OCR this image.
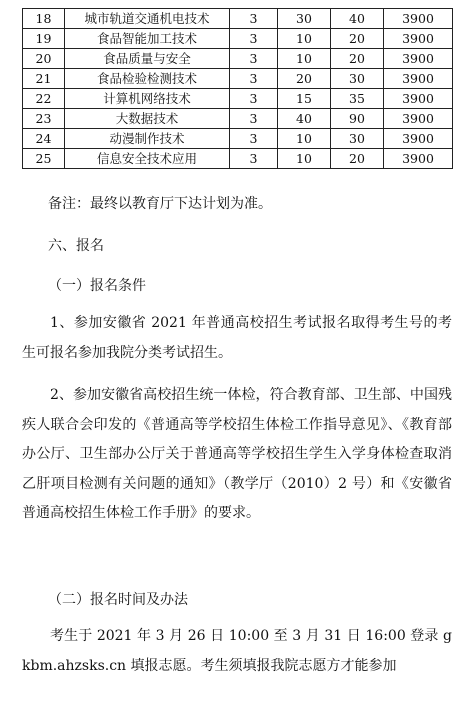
18	城市轨道交通机电技术	3	30	40	3900
19	食品智能加工技术	3	10	20	3900
20	食品质量与安全	3	10	20	3900
21	食品检验检测技术	3	20	30	3900
22	计算机网络技术	3	15	35	3900
23	大数据技术	3	40	90	3900
24	动漫制作技术	3	10	30	3900
25	信息安全技术应用	3	10	20	3900

备注：最终以教育厅下达计划为准。

六、报名

（一）报名条件

1、参加安徽省 2021 年普通高校招生考试报名取得考生号的考生可报名参加我院分类考试招生。

2、参加安徽省高校招生统一体检，符合教育部、卫生部、中国残疾人联合会印发的《普通高等学校招生体检工作指导意见》、《教育部办公厅、卫生部办公厅关于普通高等学校招生学生入学身体检查取消乙肝项目检测有关问题的通知》（教学厅（2010）2 号）和《安徽省普通高校招生体检工作手册》的要求。

（二）报名时间及办法

考生于 2021 年 3 月 26 日 10:00 至 3 月 31 日 16:00 登录 gkbm.ahzsks.cn 填报志愿。考生须填报我院志愿方才能参加
